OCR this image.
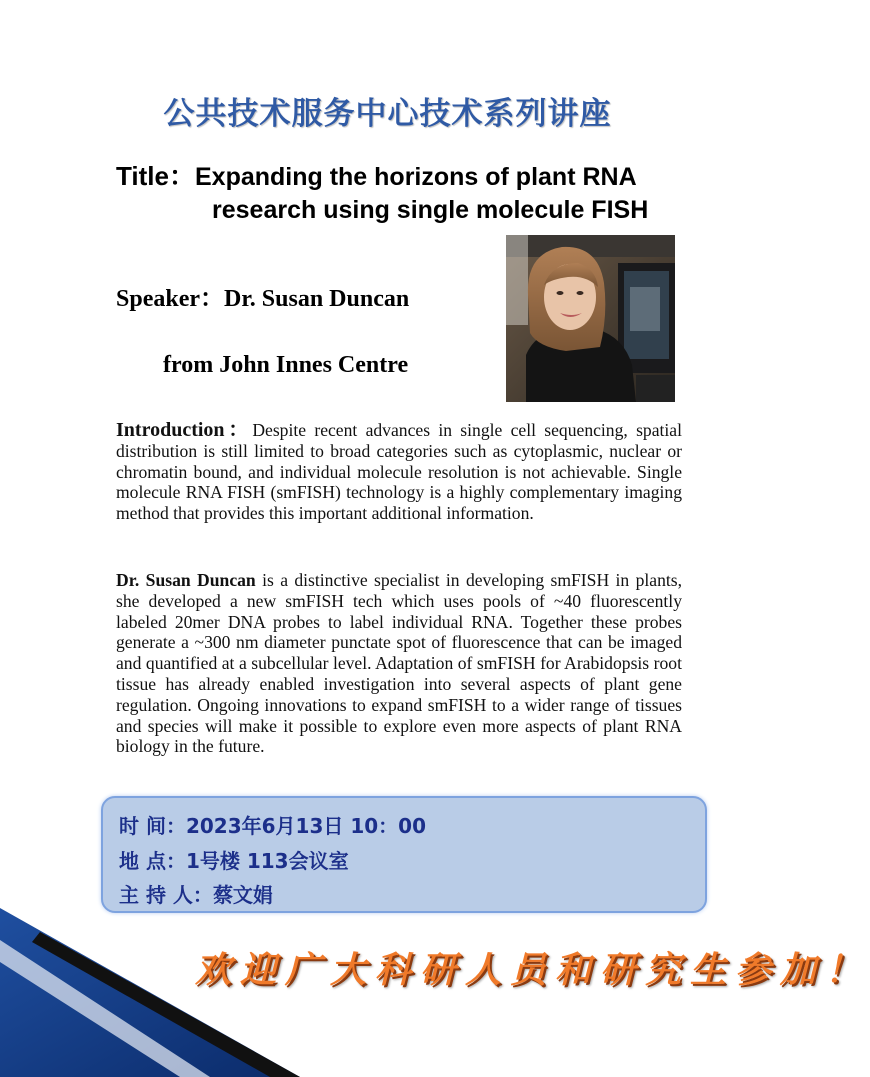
公共技术服务中心技术系列讲座
Title：Expanding the horizons of plant RNA
research using single molecule FISH
Speaker：Dr. Susan Duncan
from John Innes Centre

Introduction：Despite recent advances in single cell sequencing, spatial distribution is still limited to broad categories such as cytoplasmic, nuclear or chromatin bound, and individual molecule resolution is not achievable. Single molecule RNA FISH (smFISH) technology is a highly complementary imaging method that provides this important additional information.

Dr. Susan Duncan is a distinctive specialist in developing smFISH in plants, she developed a new smFISH tech which uses pools of ~40 fluorescently labeled 20mer DNA probes to label individual RNA. Together these probes generate a ~300 nm diameter punctate spot of fluorescence that can be imaged and quantified at a subcellular level. Adaptation of smFISH for Arabidopsis root tissue has already enabled investigation into several aspects of plant gene regulation. Ongoing innovations to expand smFISH to a wider range of tissues and species will make it possible to explore even more aspects of plant RNA biology in the future.

时 间：2023年6月13日 10：00
地 点：1号楼 113会议室
主 持 人：蔡文娟
欢迎广大科研人员和研究生参加！
